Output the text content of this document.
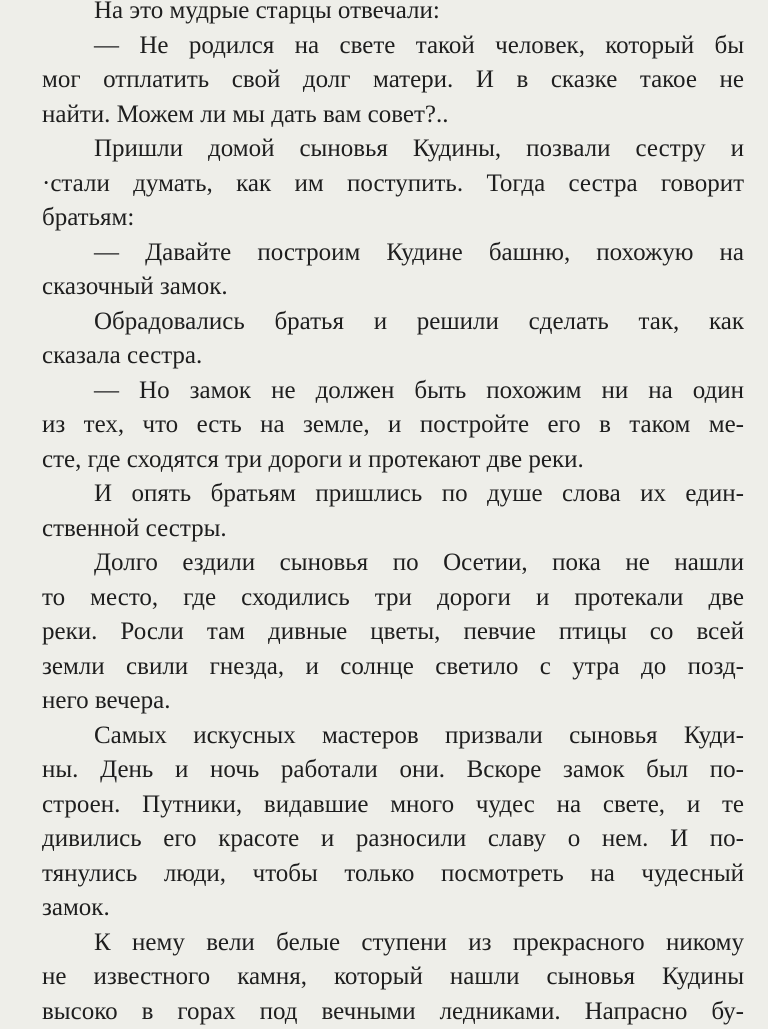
На это мудрые старцы отвечали:
— Не родился на свете такой человек, который бы
мог отплатить свой долг матери. И в сказке такое не
найти. Можем ли мы дать вам совет?..
Пришли домой сыновья Кудины, позвали сестру и
·стали думать, как им поступить. Тогда сестра говорит
братьям:
— Давайте построим Кудине башню, похожую на
сказочный замок.
Обрадовались братья и решили сделать так, как
сказала сестра.
— Но замок не должен быть похожим ни на один
из тех, что есть на земле, и постройте его в таком ме-
сте, где сходятся три дороги и протекают две реки.
И опять братьям пришлись по душе слова их един-
ственной сестры.
Долго ездили сыновья по Осетии, пока не нашли
то место, где сходились три дороги и протекали две
реки. Росли там дивные цветы, певчие птицы со всей
земли свили гнезда, и солнце светило с утра до позд-
него вечера.
Самых искусных мастеров призвали сыновья Куди-
ны. День и ночь работали они. Вскоре замок был по-
строен. Путники, видавшие много чудес на свете, и те
дивились его красоте и разносили славу о нем. И по-
тянулись люди, чтобы только посмотреть на чудесный
замок.
К нему вели белые ступени из прекрасного никому
не известного камня, который нашли сыновья Кудины
высоко в горах под вечными ледниками. Напрасно бу-
